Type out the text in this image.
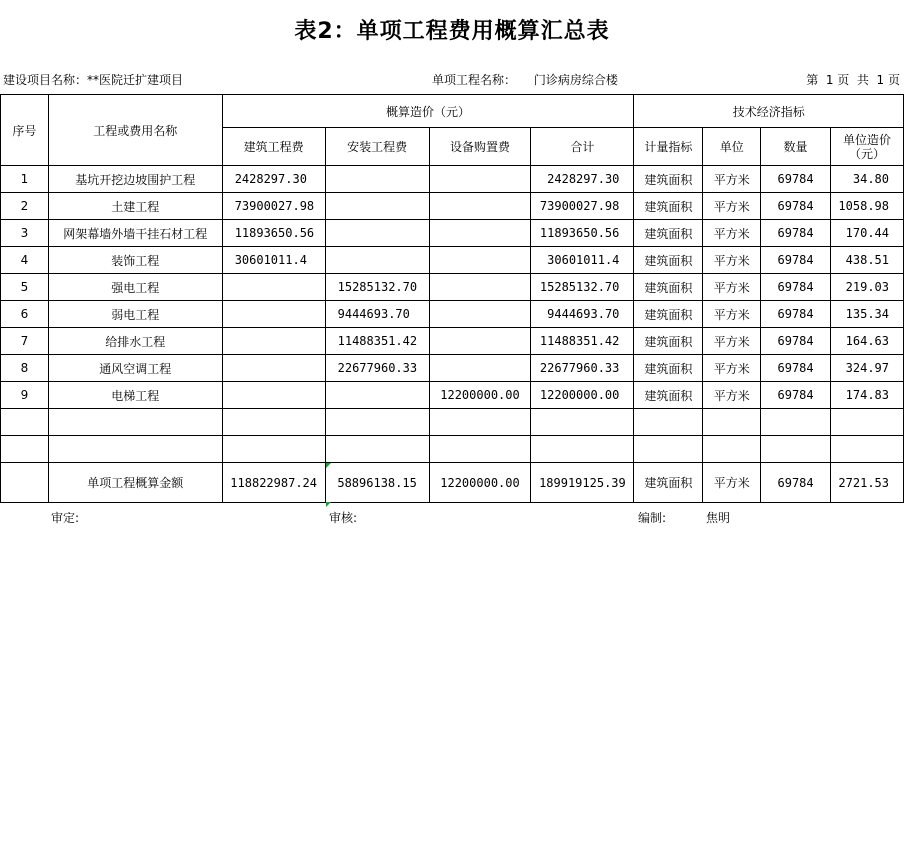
表2：单项工程费用概算汇总表
建设项目名称：**医院迁扩建项目	单项工程名称： 门诊病房综合楼	第  1 页  共  1 页
序号	工程或费用名称	概算造价（元）				技术经济指标			
		建筑工程费	安装工程费	设备购置费	合计	计量指标	单位	数量	单位造价（元）
1	基坑开挖边坡围护工程	2428297.30			2428297.30	建筑面积	平方米	69784	34.80
2	土建工程	73900027.98			73900027.98	建筑面积	平方米	69784	1058.98
3	网架幕墙外墙干挂石材工程	11893650.56			11893650.56	建筑面积	平方米	69784	170.44
4	装饰工程	30601011.4			30601011.4	建筑面积	平方米	69784	438.51
5	强电工程		15285132.70		15285132.70	建筑面积	平方米	69784	219.03
6	弱电工程		9444693.70		9444693.70	建筑面积	平方米	69784	135.34
7	给排水工程		11488351.42		11488351.42	建筑面积	平方米	69784	164.63
8	通风空调工程		22677960.33		22677960.33	建筑面积	平方米	69784	324.97
9	电梯工程			12200000.00	12200000.00	建筑面积	平方米	69784	174.83

	单项工程概算金额	118822987.24	58896138.15	12200000.00	189919125.39	建筑面积	平方米	69784	2721.53
审定:	审核:	编制:	焦明
